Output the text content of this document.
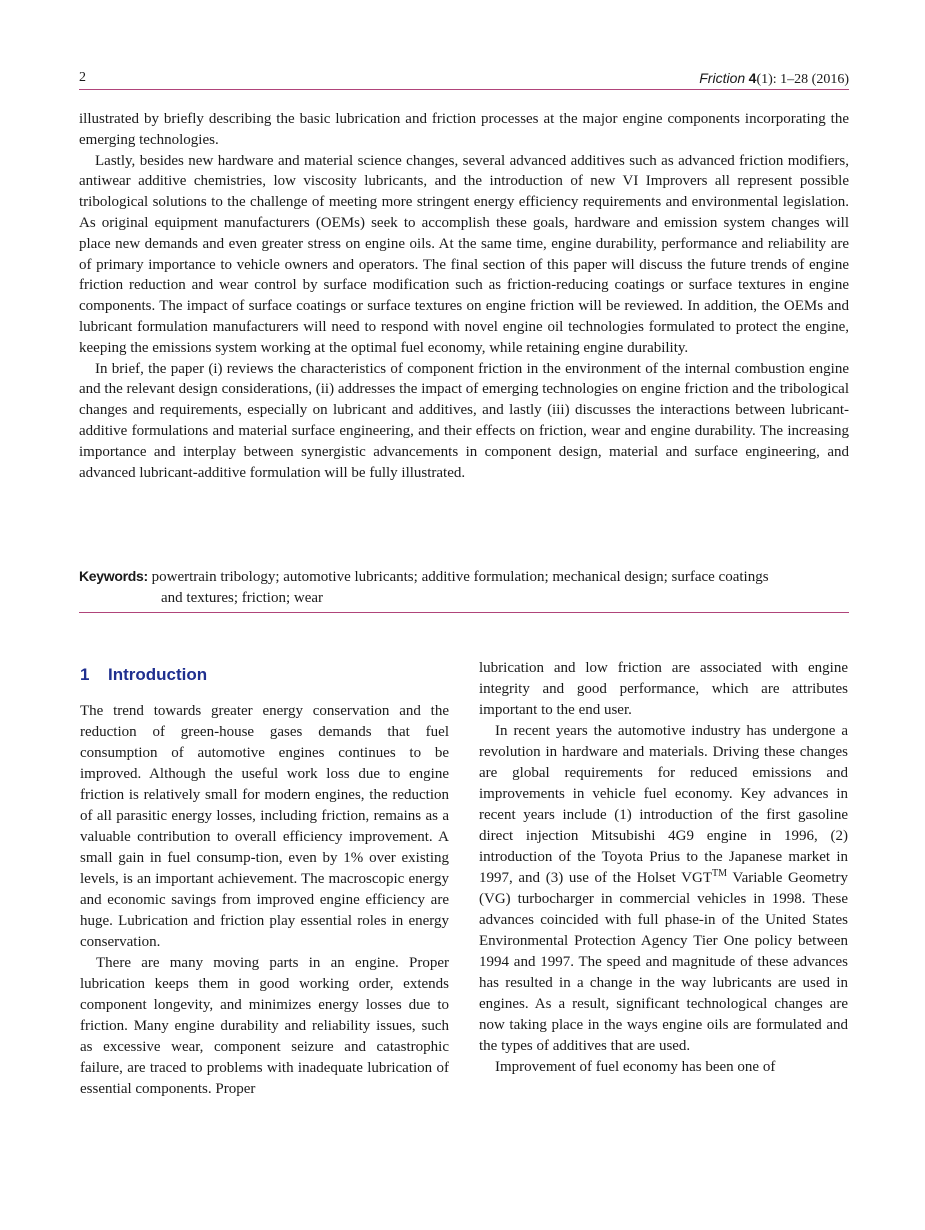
2	Friction 4(1): 1–28 (2016)

illustrated by briefly describing the basic lubrication and friction processes at the major engine components incorporating the emerging technologies.

Lastly, besides new hardware and material science changes, several advanced additives such as advanced friction modifiers, antiwear additive chemistries, low viscosity lubricants, and the introduction of new VI Improvers all represent possible tribological solutions to the challenge of meeting more stringent energy efficiency requirements and environmental legislation. As original equipment manufacturers (OEMs) seek to accomplish these goals, hardware and emission system changes will place new demands and even greater stress on engine oils. At the same time, engine durability, performance and reliability are of primary importance to vehicle owners and operators. The final section of this paper will discuss the future trends of engine friction reduction and wear control by surface modification such as friction-reducing coatings or surface textures in engine components. The impact of surface coatings or surface textures on engine friction will be reviewed. In addition, the OEMs and lubricant formulation manufacturers will need to respond with novel engine oil technologies formulated to protect the engine, keeping the emissions system working at the optimal fuel economy, while retaining engine durability.

In brief, the paper (i) reviews the characteristics of component friction in the environment of the internal combustion engine and the relevant design considerations, (ii) addresses the impact of emerging technologies on engine friction and the tribological changes and requirements, especially on lubricant and additives, and lastly (iii) discusses the interactions between lubricant-additive formulations and material surface engineering, and their effects on friction, wear and engine durability. The increasing importance and interplay between synergistic advancements in component design, material and surface engineering, and advanced lubricant-additive formulation will be fully illustrated.

Keywords: powertrain tribology; automotive lubricants; additive formulation; mechanical design; surface coatings
and textures; friction; wear
1 Introduction

The trend towards greater energy conservation and the reduction of green-house gases demands that fuel consumption of automotive engines continues to be improved. Although the useful work loss due to engine friction is relatively small for modern engines, the reduction of all parasitic energy losses, including friction, remains as a valuable contribution to overall efficiency improvement. A small gain in fuel consump-tion, even by 1% over existing levels, is an important achievement. The macroscopic energy and economic savings from improved engine efficiency are huge. Lubrication and friction play essential roles in energy conservation.

There are many moving parts in an engine. Proper lubrication keeps them in good working order, extends component longevity, and minimizes energy losses due to friction. Many engine durability and reliability issues, such as excessive wear, component seizure and catastrophic failure, are traced to problems with inadequate lubrication of essential components. Proper

lubrication and low friction are associated with engine integrity and good performance, which are attributes important to the end user.

In recent years the automotive industry has undergone a revolution in hardware and materials. Driving these changes are global requirements for reduced emissions and improvements in vehicle fuel economy. Key advances in recent years include (1) introduction of the first gasoline direct injection Mitsubishi 4G9 engine in 1996, (2) introduction of the Toyota Prius to the Japanese market in 1997, and (3) use of the Holset VGT™ Variable Geometry (VG) turbocharger in commercial vehicles in 1998. These advances coincided with full phase-in of the United States Environmental Protection Agency Tier One policy between 1994 and 1997. The speed and magnitude of these advances has resulted in a change in the way lubricants are used in engines. As a result, significant technological changes are now taking place in the ways engine oils are formulated and the types of additives that are used.

Improvement of fuel economy has been one of
